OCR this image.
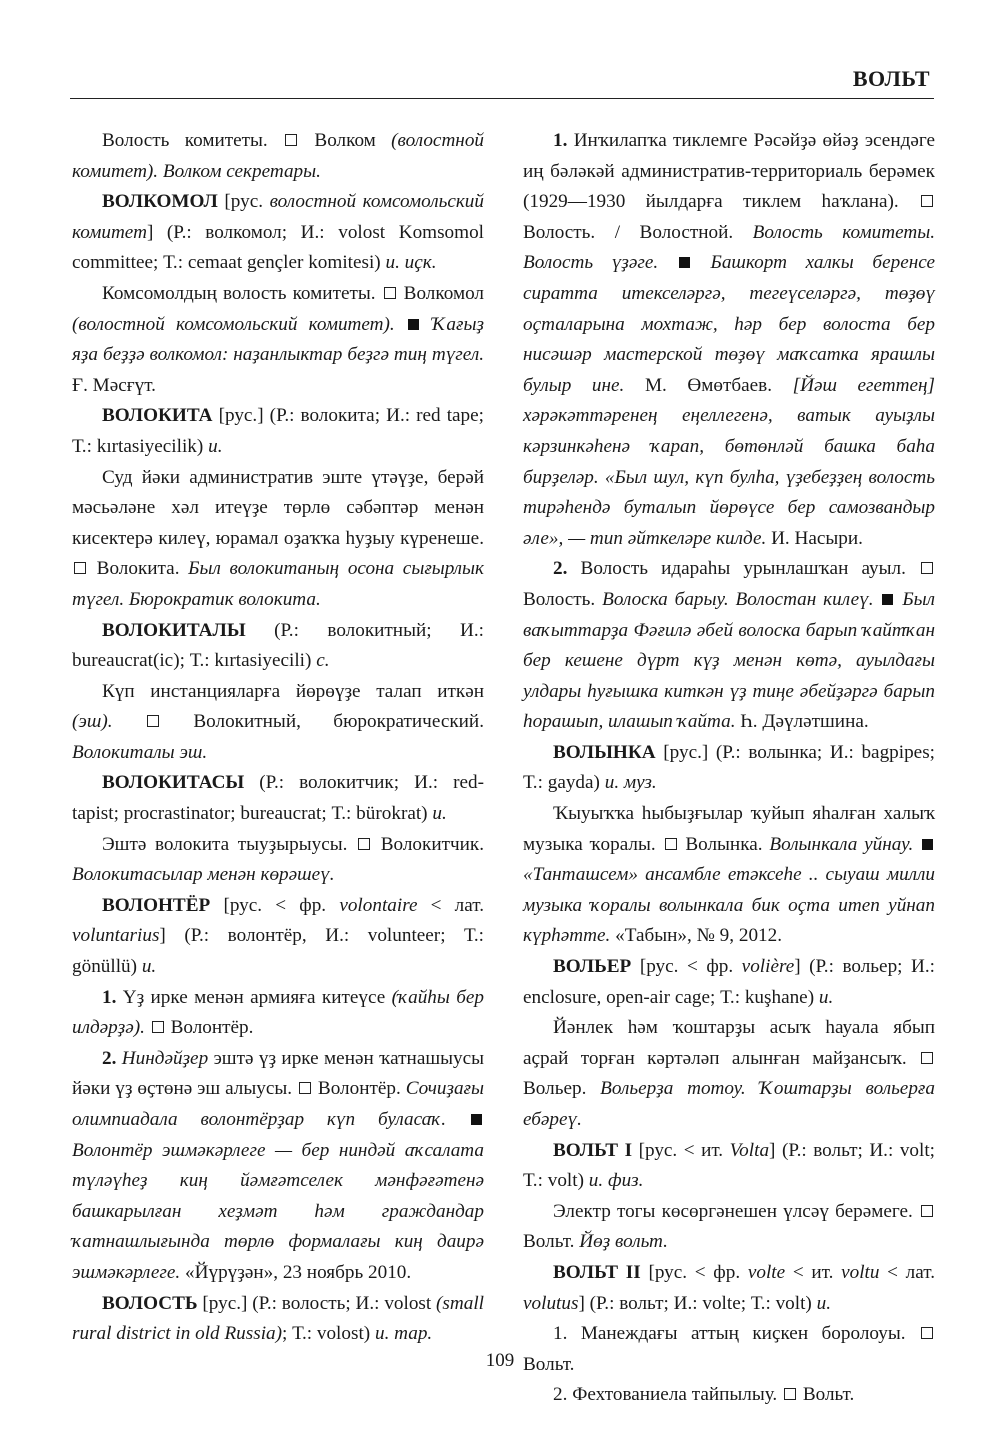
ВОЛЬТ

Волость комитеты. Волком (волостной комитет). Волком секретары.

ВОЛКОМОЛ [рус. волостной комсомольский комитет] (Р.: волкомол; И.: volost Komsomol committee; Т.: cemaat gençler komitesi) и. иҫк.

Комсомолдың волость комитеты. Волкомол (волостной комсомольский комитет). Ҡағыҙ яҙа беҙҙә волкомол: наҙанлыктар беҙгә тиң түгел. Ғ. Мәсғүт.

ВОЛОКИТА [рус.] (Р.: волокита; И.: red tape; Т.: kırtasiyecilik) и.

Суд йәки административ эште үтәүҙе, берәй мәсьәләне хәл итеүҙе төрлө сәбәптәр менән кисектерә килеү, юрамал оҙаҡҡа һуҙыу күренеше.  Волокита. Был волокитаның осона сығырлык түгел. Бюрократик волокита.

ВОЛОКИТАЛЫ (Р.: волокитный; И.: bureaucrat(ic); Т.: kırtasiyecili) с.

Күп инстанцияларға йөрөүҙе талап иткән (эш).	Волокитный, бюрократический. Волокиталы эш.

ВОЛОКИТАСЫ (Р.: волокитчик; И.: red-tapist; procrastinator; bureaucrat; Т.: bürokrat) и.

Эштә волокита тыуҙырыусы. Волокитчик. Волокитасылар менән көрәшеү.

ВОЛОНТЁР [рус. < фр. volontaire < лат. voluntarius] (Р.: волонтёр, И.: volunteer; Т.: gönüllü) и.

1. Үҙ ирке менән армияға китеүсе (ҡайһы бер илдәрҙә). Волонтёр.

2. Ниндәйҙер эштә үҙ ирке менән ҡатнашыусы йәки үҙ өҫтөнә эш алыусы. Волонтёр. Сочиҙағы олимпиадала волонтёрҙар күп буласаҡ.  Волонтёр эшмәкәрлеге — бер ниндәй аҡсалата түләүһеҙ киң йәмғәтселек мәнфәғәтенә башкарылған хеҙмәт һәм граждандар ҡатнашлығында төрлө формалағы киң даирә эшмәкәрлеге. «Йүрүҙән», 23 ноябрь 2010.

ВОЛОСТЬ [рус.] (Р.: волость; И.: volost (small rural district in old Russia); Т.: volost) и. тар.

1. Инҡилапҡа тиклемге Рәсәйҙә өйәҙ эсендәге иң бәләкәй административ-территориаль берәмек (1929—1930 йылдарға тиклем һаҡлана).  Волость. / Волостной. Волость комитеты. Волость үҙәге.	Башкорт халкы беренсе сиратта итекселәргә, тегеүселәргә, төҙөү оҫталарына мохтаж, һәр бер волоста бер нисәшәр мастерской төҙөү маҡсатка ярашлы булыр ине. М. Өмөтбаев. [Йәш егеттең] хәрәкәттәренең еңеллегенә, ватык ауыҙлы кәрзинкәһенә ҡарап, бөтөнләй башка баһа бирҙеләр. «Был шул, күп булһа, үҙебеҙҙең волость тирәһендә буталып йөрөүсе бер самозвандыр әле», — тип әйткеләре килде. И. Насыри.

2. Волость идараһы урынлашҡан ауыл.  Волость. Волоска барыу. Волостан килеү. Был ваҡыттарҙа Фәғилә әбей волоска барып ҡайтҡан бер кешене дүрт күҙ менән көтә, ауылдағы улдары һуғышка киткән үҙ тиңе әбейҙәргә барып һорашып, илашып ҡайта. Һ. Дәүләтшина.

ВОЛЫНКА [рус.] (Р.: волынка; И.: bagpipes; Т.: gayda) и. муз.

Ҡыуыҡҡа һыбыҙғылар ҡуйып яһалған халыҡ музыка ҡоралы. Волынка. Волынкала уйнау.  «Танташсем» ансамбле етәксеһе .. сыуаш милли музыка ҡоралы волынкала бик оҫта итеп уйнап күрһәтте. «Табын», № 9, 2012.

ВОЛЬЕР [рус. < фр. volière] (Р.: вольер; И.: enclosure, open-air cage; Т.: kuşhane) и.

Йәнлек һәм ҡоштарҙы асыҡ һауала ябып аҫрай торған кәртәләп алынған майҙансыҡ.  Вольер. Вольерҙа тотоу. Ҡоштарҙы вольерға ебәреү.

ВОЛЬТ I [рус. < ит. Volta] (Р.: вольт; И.: volt; Т.: volt) и. физ.

Электр тогы көсөргәнешен үлсәү берәмеге.  Вольт. Йөҙ вольт.

ВОЛЬТ II [рус. < фр. volte < ит. voltu < лат. volutus] (Р.: вольт; И.: volte; Т.: volt) и.

1. Манеждағы аттың киҫкен боролоуы.  Вольт.

2. Фехтованиела тайпылыу. Вольт.

109
